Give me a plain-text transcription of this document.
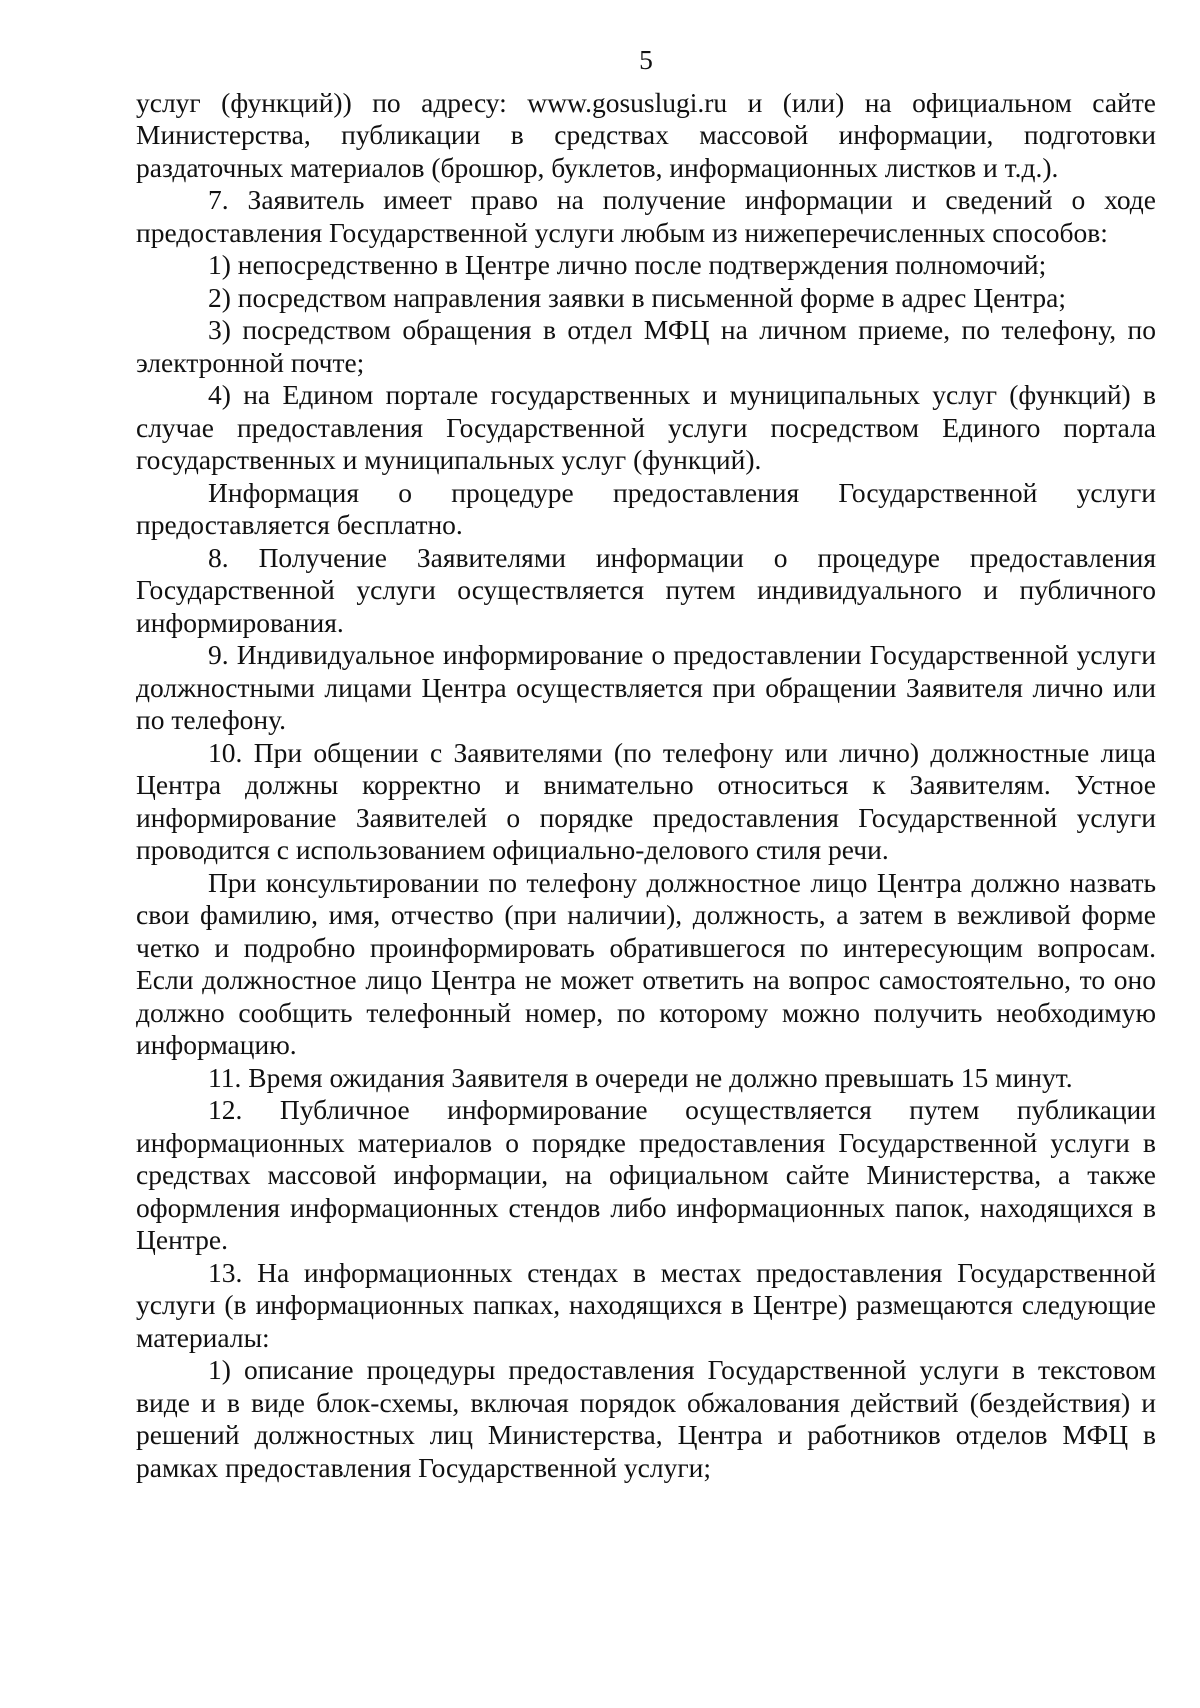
5

услуг (функций)) по адресу: www.gosuslugi.ru и (или) на официальном сайте Министерства, публикации в средствах массовой информации, подготовки раздаточных материалов (брошюр, буклетов, информационных листков и т.д.).

7. Заявитель имеет право на получение информации и сведений о ходе предоставления Государственной услуги любым из нижеперечисленных способов:

1) непосредственно в Центре лично после подтверждения полномочий;

2) посредством направления заявки в письменной форме в адрес Центра;

3) посредством обращения в отдел МФЦ на личном приеме, по телефону, по электронной почте;

4) на Едином портале государственных и муниципальных услуг (функций) в случае предоставления Государственной услуги посредством Единого портала государственных и муниципальных услуг (функций).

Информация о процедуре предоставления Государственной услуги предоставляется бесплатно.

8. Получение Заявителями информации о процедуре предоставления Государственной услуги осуществляется путем индивидуального и публичного информирования.

9. Индивидуальное информирование о предоставлении Государственной услуги должностными лицами Центра осуществляется при обращении Заявителя лично или по телефону.

10. При общении с Заявителями (по телефону или лично) должностные лица Центра должны корректно и внимательно относиться к Заявителям. Устное информирование Заявителей о порядке предоставления Государственной услуги проводится с использованием официально-делового стиля речи.

При консультировании по телефону должностное лицо Центра должно назвать свои фамилию, имя, отчество (при наличии), должность, а затем в вежливой форме четко и подробно проинформировать обратившегося по интересующим вопросам. Если должностное лицо Центра не может ответить на вопрос самостоятельно, то оно должно сообщить телефонный номер, по которому можно получить необходимую информацию.

11. Время ожидания Заявителя в очереди не должно превышать 15 минут.

12. Публичное информирование осуществляется путем публикации информационных материалов о порядке предоставления Государственной услуги в средствах массовой информации, на официальном сайте Министерства, а также оформления информационных стендов либо информационных папок, находящихся в Центре.

13. На информационных стендах в местах предоставления Государственной услуги (в информационных папках, находящихся в Центре) размещаются следующие материалы:

1) описание процедуры предоставления Государственной услуги в текстовом виде и в виде блок-схемы, включая порядок обжалования действий (бездействия) и решений должностных лиц Министерства, Центра и работников отделов МФЦ в рамках предоставления Государственной услуги;
